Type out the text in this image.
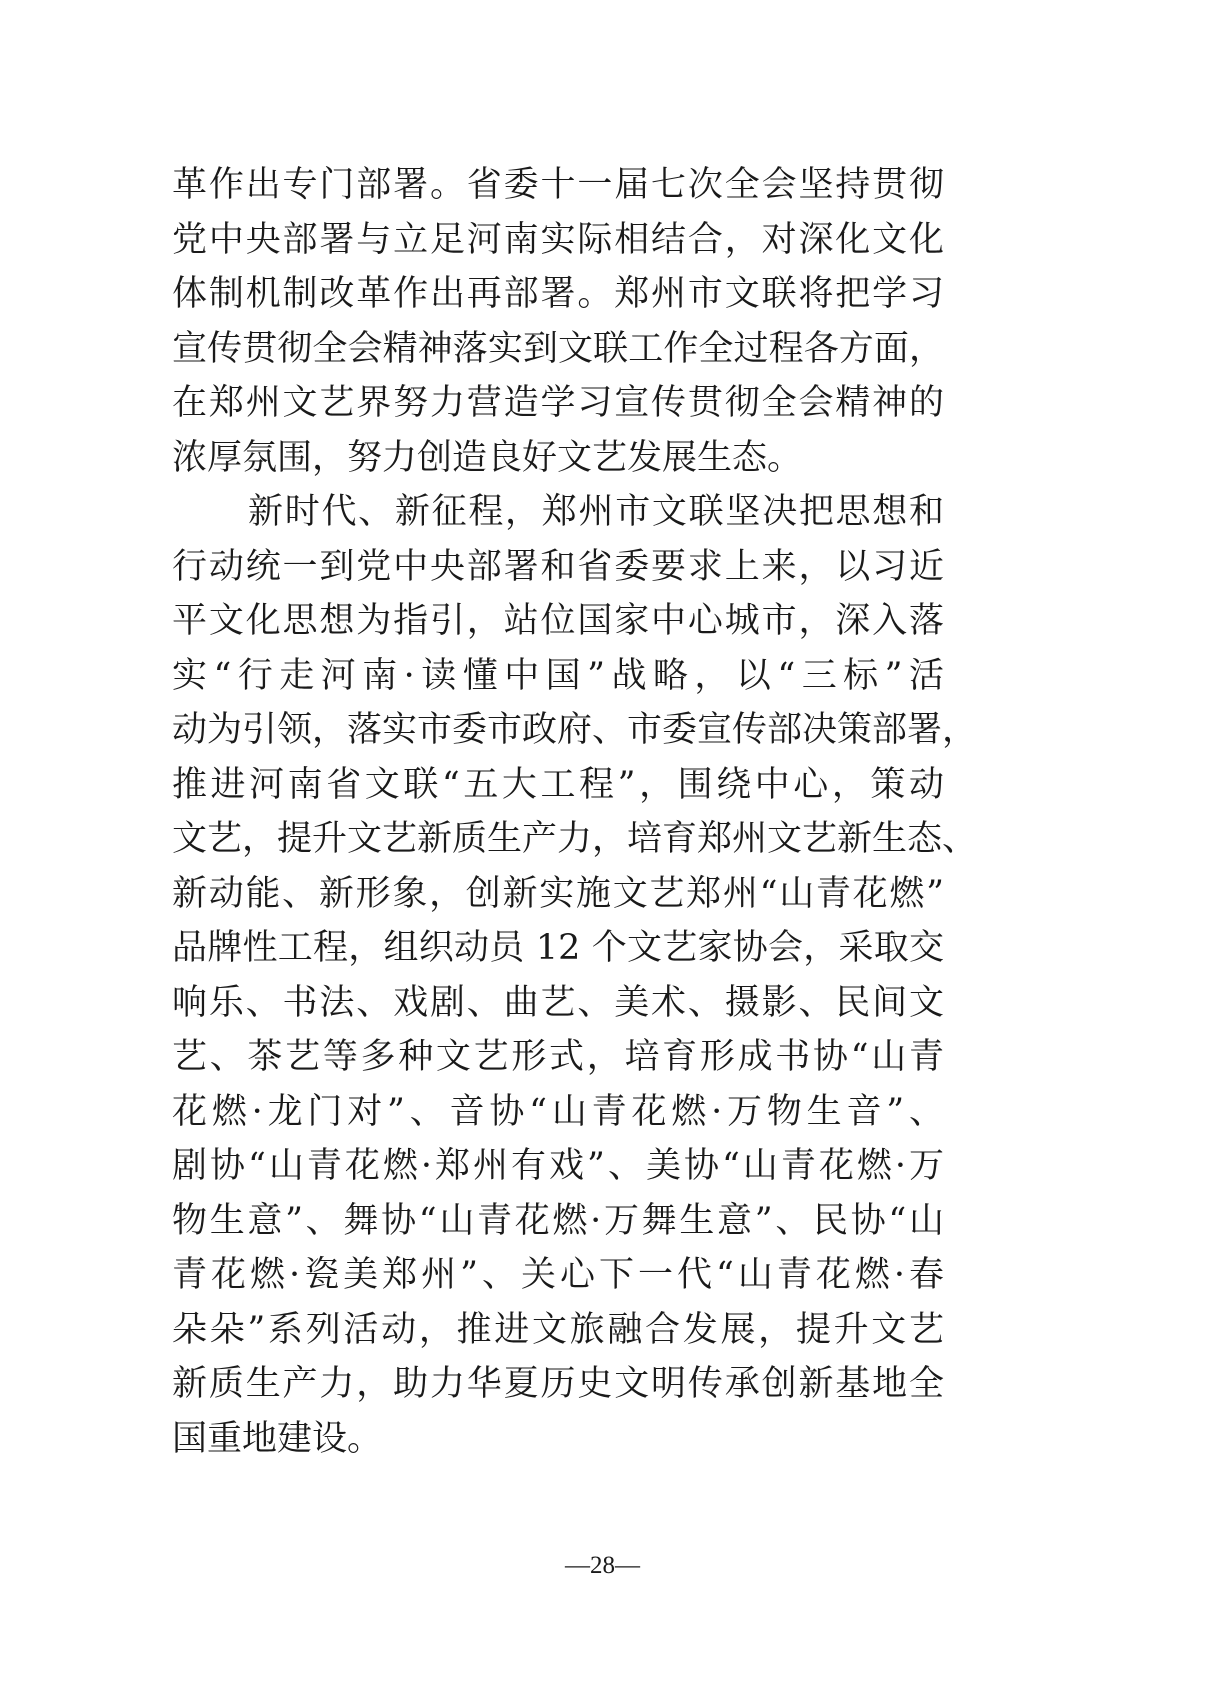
革作出专门部署。省委十一届七次全会坚持贯彻
党中央部署与立足河南实际相结合，对深化文化
体制机制改革作出再部署。郑州市文联将把学习
宣传贯彻全会精神落实到文联工作全过程各方面，
在郑州文艺界努力营造学习宣传贯彻全会精神的
浓厚氛围，努力创造良好文艺发展生态。
新时代、新征程，郑州市文联坚决把思想和
行动统一到党中央部署和省委要求上来，以习近
平文化思想为指引，站位国家中心城市，深入落
实“行走河南·读懂中国”战略，以“三标”活
动为引领，落实市委市政府、市委宣传部决策部署，
推进河南省文联“五大工程”，围绕中心，策动
文艺，提升文艺新质生产力，培育郑州文艺新生态、
新动能、新形象，创新实施文艺郑州“山青花燃”
品牌性工程，组织动员 12 个文艺家协会，采取交
响乐、书法、戏剧、曲艺、美术、摄影、民间文
艺、茶艺等多种文艺形式，培育形成书协“山青
花燃·龙门对”、音协“山青花燃·万物生音”、
剧协“山青花燃·郑州有戏”、美协“山青花燃·万
物生意”、舞协“山青花燃·万舞生意”、民协“山
青花燃·瓷美郑州”、关心下一代“山青花燃·春
朵朵”系列活动，推进文旅融合发展，提升文艺
新质生产力，助力华夏历史文明传承创新基地全
国重地建设。
—28—
